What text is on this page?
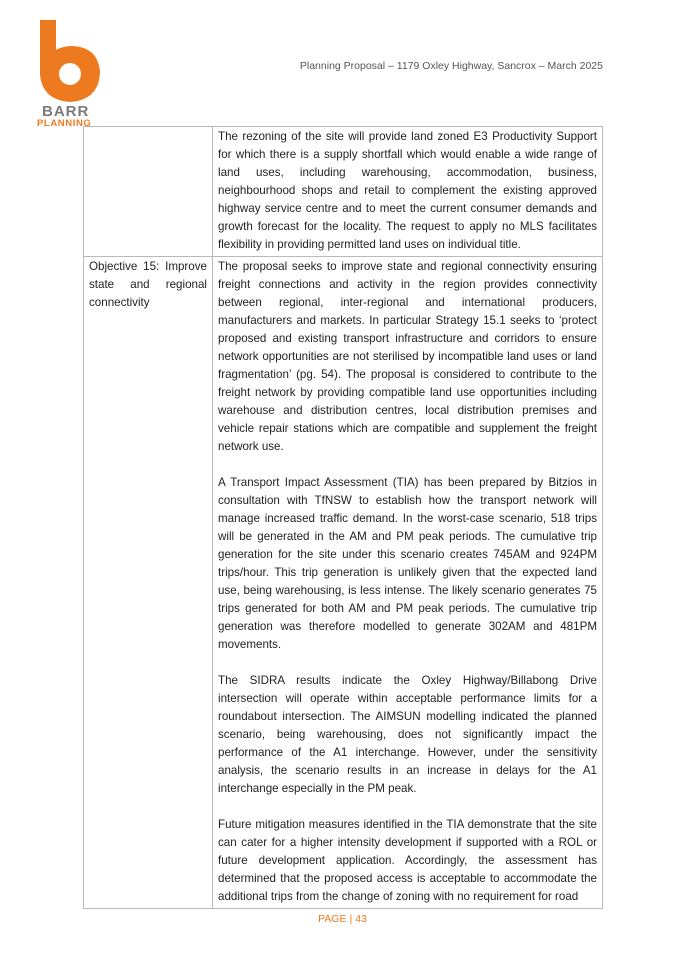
BARR
PLANNING
Planning Proposal – 1179 Oxley Highway, Sancrox – March 2025

	The rezoning of the site will provide land zoned E3 Productivity Support for which there is a supply shortfall which would enable a wide range of land uses, including warehousing, accommodation, business, neighbourhood shops and retail to complement the existing approved highway service centre and to meet the current consumer demands and growth forecast for the locality. The request to apply no MLS facilitates flexibility in providing permitted land uses on individual title.

Objective 15: Improve state and regional connectivity	The proposal seeks to improve state and regional connectivity ensuring freight connections and activity in the region provides connectivity between regional, inter-regional and international producers, manufacturers and markets. In particular Strategy 15.1 seeks to ‘protect proposed and existing transport infrastructure and corridors to ensure network opportunities are not sterilised by incompatible land uses or land fragmentation’ (pg. 54). The proposal is considered to contribute to the freight network by providing compatible land use opportunities including warehouse and distribution centres, local distribution premises and vehicle repair stations which are compatible and supplement the freight network use.

A Transport Impact Assessment (TIA) has been prepared by Bitzios in consultation with TfNSW to establish how the transport network will manage increased traffic demand. In the worst-case scenario, 518 trips will be generated in the AM and PM peak periods. The cumulative trip generation for the site under this scenario creates 745AM and 924PM trips/hour. This trip generation is unlikely given that the expected land use, being warehousing, is less intense. The likely scenario generates 75 trips generated for both AM and PM peak periods. The cumulative trip generation was therefore modelled to generate 302AM and 481PM movements.

The SIDRA results indicate the Oxley Highway/Billabong Drive intersection will operate within acceptable performance limits for a roundabout intersection. The AIMSUN modelling indicated the planned scenario, being warehousing, does not significantly impact the performance of the A1 interchange. However, under the sensitivity analysis, the scenario results in an increase in delays for the A1 interchange especially in the PM peak.

Future mitigation measures identified in the TIA demonstrate that the site can cater for a higher intensity development if supported with a ROL or future development application. Accordingly, the assessment has determined that the proposed access is acceptable to accommodate the additional trips from the change of zoning with no requirement for road

PAGE | 43
